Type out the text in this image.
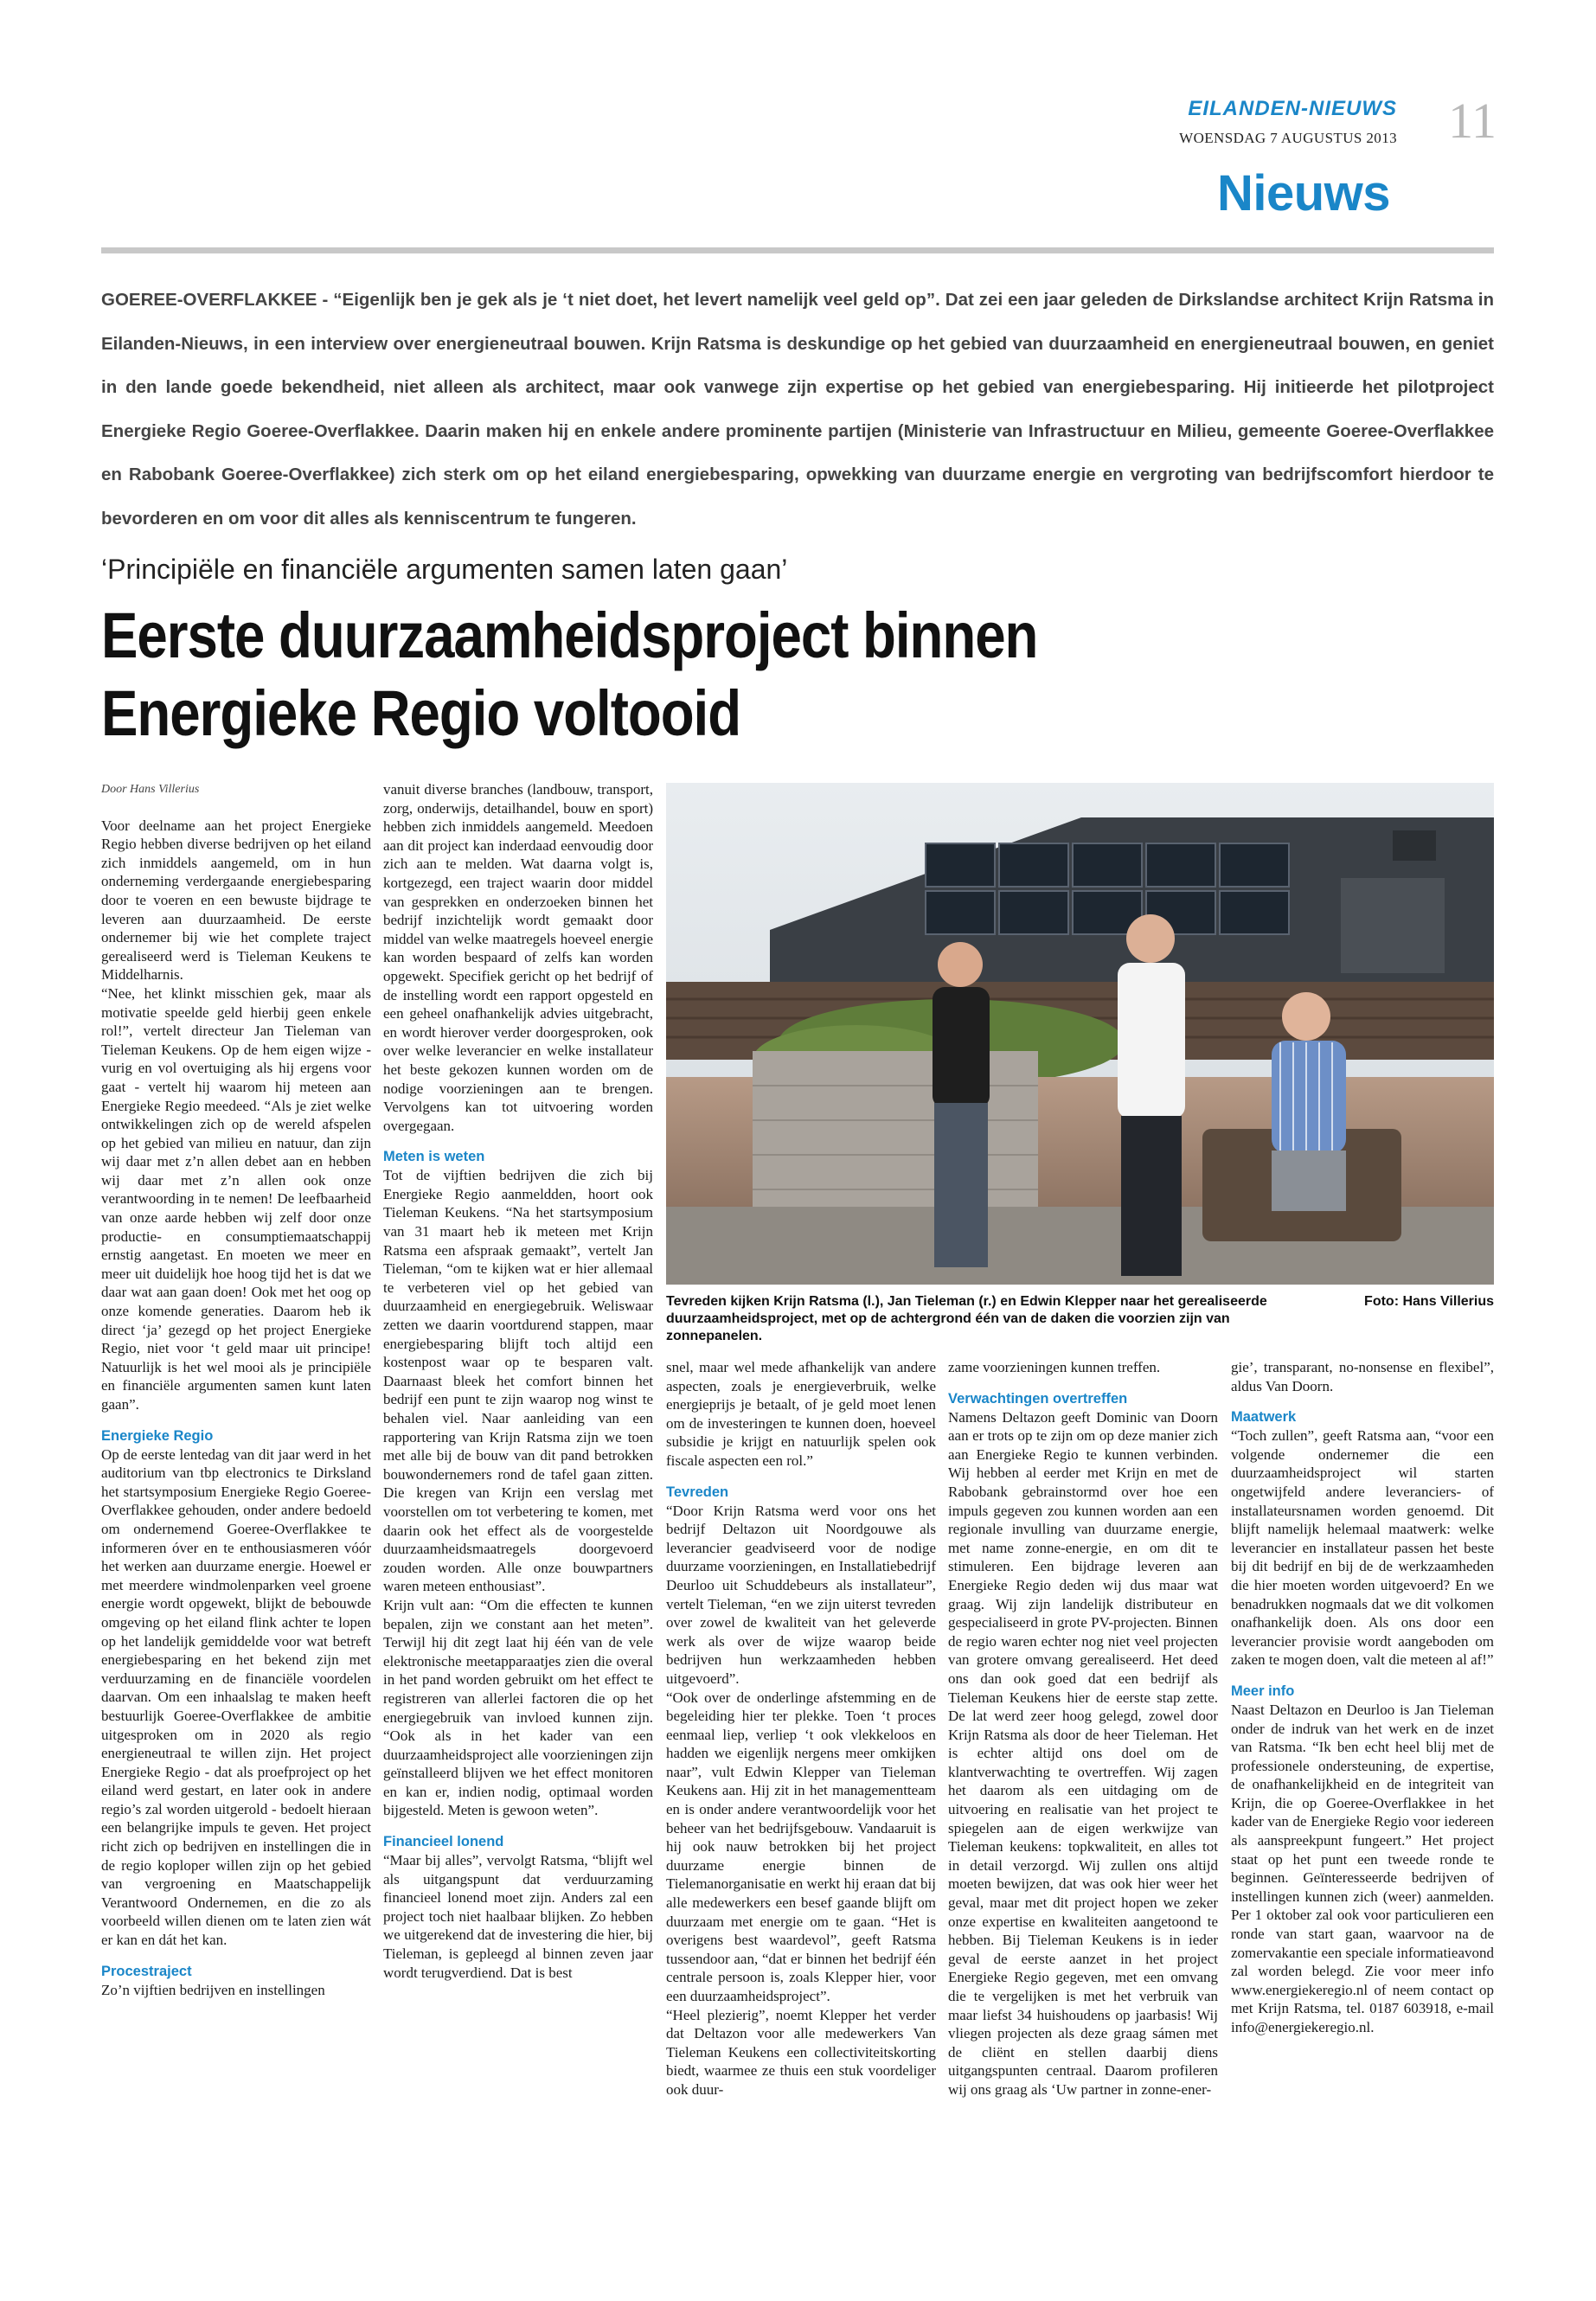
EILANDEN-NIEUWS
WOENSDAG 7 AUGUSTUS 2013 11
Nieuws
GOEREE-OVERFLAKKEE - “Eigenlijk ben je gek als je ‘t niet doet, het levert namelijk veel geld op”. Dat zei een jaar geleden de Dirkslandse architect Krijn Ratsma in Eilanden-Nieuws, in een interview over energieneutraal bouwen. Krijn Ratsma is deskundige op het gebied van duurzaamheid en energieneutraal bouwen, en geniet in den lande goede bekendheid, niet alleen als architect, maar ook vanwege zijn expertise op het gebied van energiebesparing. Hij initieerde het pilotproject Energieke Regio Goeree-Overflakkee. Daarin maken hij en enkele andere prominente partijen (Ministerie van Infrastructuur en Milieu, gemeente Goeree-Overflakkee en Rabobank Goeree-Overflakkee) zich sterk om op het eiland energiebesparing, opwekking van duurzame energie en vergroting van bedrijfscomfort hierdoor te bevorderen en om voor dit alles als kenniscentrum te fungeren.
‘Principiële en financiële argumenten samen laten gaan’
Eerste duurzaamheidsproject binnen
Energieke Regio voltooid

Door Hans Villerius

Voor deelname aan het project Energieke Regio hebben diverse bedrijven op het eiland zich inmiddels aangemeld, om in hun onderneming verdergaande energiebesparing door te voeren en een bewuste bijdrage te leveren aan duurzaamheid. De eerste ondernemer bij wie het complete traject gerealiseerd werd is Tieleman Keukens te Middelharnis.

“Nee, het klinkt misschien gek, maar als motivatie speelde geld hierbij geen enkele rol!”, vertelt directeur Jan Tieleman van Tieleman Keukens. Op de hem eigen wijze - vurig en vol overtuiging als hij ergens voor gaat - vertelt hij waarom hij meteen aan Energieke Regio meedeed. “Als je ziet welke ontwikkelingen zich op de wereld afspelen op het gebied van milieu en natuur, dan zijn wij daar met z’n allen debet aan en hebben wij daar met z’n allen ook onze verantwoording in te nemen! De leefbaarheid van onze aarde hebben wij zelf door onze productie- en consumptiemaatschappij ernstig aangetast. En moeten we meer en meer uit duidelijk hoe hoog tijd het is dat we daar wat aan gaan doen! Ook met het oog op onze komende generaties. Daarom heb ik direct ‘ja’ gezegd op het project Energieke Regio, niet voor ‘t geld maar uit principe! Natuurlijk is het wel mooi als je principiële en financiële argumenten samen kunt laten gaan”.

Energieke Regio

Op de eerste lentedag van dit jaar werd in het auditorium van tbp electronics te Dirksland het startsymposium Energieke Regio Goeree-Overflakkee gehouden, onder andere bedoeld om ondernemend Goeree-Overflakkee te informeren óver en te enthousiasmeren vóór het werken aan duurzame energie. Hoewel er met meerdere windmolenparken veel groene energie wordt opgewekt, blijkt de bebouwde omgeving op het eiland flink achter te lopen op het landelijk gemiddelde voor wat betreft energiebesparing en het bekend zijn met verduurzaming en de financiële voordelen daarvan. Om een inhaalslag te maken heeft bestuurlijk Goeree-Overflakkee de ambitie uitgesproken om in 2020 als regio energieneutraal te willen zijn. Het project Energieke Regio - dat als proefproject op het eiland werd gestart, en later ook in andere regio’s zal worden uitgerold - bedoelt hieraan een belangrijke impuls te geven. Het project richt zich op bedrijven en instellingen die in de regio koploper willen zijn op het gebied van vergroening en Maatschappelijk Verantwoord Ondernemen, en die zo als voorbeeld willen dienen om te laten zien wát er kan en dát het kan.

Procestraject

Zo’n vijftien bedrijven en instellingen

vanuit diverse branches (landbouw, transport, zorg, onderwijs, detailhandel, bouw en sport) hebben zich inmiddels aangemeld. Meedoen aan dit project kan inderdaad eenvoudig door zich aan te melden. Wat daarna volgt is, kortgezegd, een traject waarin door middel van gesprekken en onderzoeken binnen het bedrijf inzichtelijk wordt gemaakt door middel van welke maatregels hoeveel energie kan worden bespaard of zelfs kan worden opgewekt. Specifiek gericht op het bedrijf of de instelling wordt een rapport opgesteld en een geheel onafhankelijk advies uitgebracht, en wordt hierover verder doorgesproken, ook over welke leverancier en welke installateur het beste gekozen kunnen worden om de nodige voorzieningen aan te brengen. Vervolgens kan tot uitvoering worden overgegaan.

Meten is weten

Tot de vijftien bedrijven die zich bij Energieke Regio aanmeldden, hoort ook Tieleman Keukens. “Na het startsymposium van 31 maart heb ik meteen met Krijn Ratsma een afspraak gemaakt”, vertelt Jan Tieleman, “om te kijken wat er hier allemaal te verbeteren viel op het gebied van duurzaamheid en energiegebruik. Weliswaar zetten we daarin voortdurend stappen, maar energiebesparing blijft toch altijd een kostenpost waar op te besparen valt. Daarnaast bleek het comfort binnen het bedrijf een punt te zijn waarop nog winst te behalen viel. Naar aanleiding van een rapportering van Krijn Ratsma zijn we toen met alle bij de bouw van dit pand betrokken bouwondernemers rond de tafel gaan zitten. Die kregen van Krijn een verslag met voorstellen om tot verbetering te komen, met daarin ook het effect als de voorgestelde duurzaamheidsmaatregels doorgevoerd zouden worden. Alle onze bouwpartners waren meteen enthousiast”.

Krijn vult aan: “Om die effecten te kunnen bepalen, zijn we constant aan het meten”. Terwijl hij dit zegt laat hij één van de vele elektronische meetapparaatjes zien die overal in het pand worden gebruikt om het effect te registreren van allerlei factoren die op het energiegebruik van invloed kunnen zijn. “Ook als in het kader van een duurzaamheidsproject alle voorzieningen zijn geïnstalleerd blijven we het effect monitoren en kan er, indien nodig, optimaal worden bijgesteld. Meten is gewoon weten”.

Financieel lonend

“Maar bij alles”, vervolgt Ratsma, “blijft wel als uitgangspunt dat verduurzaming financieel lonend moet zijn. Anders zal een project toch niet haalbaar blijken. Zo hebben we uitgerekend dat de investering die hier, bij Tieleman, is gepleegd al binnen zeven jaar wordt terugverdiend. Dat is best

Tevreden kijken Krijn Ratsma (l.), Jan Tieleman (r.) en Edwin Klepper naar het gerealiseerde duurzaamheidsproject, met op de achtergrond één van de daken die voorzien zijn van zonnepanelen.
Foto: Hans Villerius

snel, maar wel mede afhankelijk van andere aspecten, zoals je energieverbruik, welke energieprijs je betaalt, of je geld moet lenen om de investeringen te kunnen doen, hoeveel subsidie je krijgt en natuurlijk spelen ook fiscale aspecten een rol.”

Tevreden

“Door Krijn Ratsma werd voor ons het bedrijf Deltazon uit Noordgouwe als leverancier geadviseerd voor de nodige duurzame voorzieningen, en Installatiebedrijf Deurloo uit Schuddebeurs als installateur”, vertelt Tieleman, “en we zijn uiterst tevreden over zowel de kwaliteit van het geleverde werk als over de wijze waarop beide bedrijven hun werkzaamheden hebben uitgevoerd”.

“Ook over de onderlinge afstemming en de begeleiding hier ter plekke. Toen ‘t proces eenmaal liep, verliep ‘t ook vlekkeloos en hadden we eigenlijk nergens meer omkijken naar”, vult Edwin Klepper van Tieleman Keukens aan. Hij zit in het managementteam en is onder andere verantwoordelijk voor het beheer van het bedrijfsgebouw. Vandaaruit is hij ook nauw betrokken bij het project duurzame energie binnen de Tielemanorganisatie en werkt hij eraan dat bij alle medewerkers een besef gaande blijft om duurzaam met energie om te gaan. “Het is overigens best waardevol”, geeft Ratsma tussendoor aan, “dat er binnen het bedrijf één centrale persoon is, zoals Klepper hier, voor een duurzaamheidsproject”.

“Heel plezierig”, noemt Klepper het verder dat Deltazon voor alle medewerkers Van Tieleman Keukens een collectiviteitskorting biedt, waarmee ze thuis een stuk voordeliger ook duur-

zame voorzieningen kunnen treffen.

Verwachtingen overtreffen

Namens Deltazon geeft Dominic van Doorn aan er trots op te zijn om op deze manier zich aan Energieke Regio te kunnen verbinden. Wij hebben al eerder met Krijn en met de Rabobank gebrainstormd over hoe een impuls gegeven zou kunnen worden aan een regionale invulling van duurzame energie, met name zonne-energie, en om dit te stimuleren. Een bijdrage leveren aan Energieke Regio deden wij dus maar wat graag. Wij zijn landelijk distributeur en gespecialiseerd in grote PV-projecten. Binnen de regio waren echter nog niet veel projecten van grotere omvang gerealiseerd. Het deed ons dan ook goed dat een bedrijf als Tieleman Keukens hier de eerste stap zette. De lat werd zeer hoog gelegd, zowel door Krijn Ratsma als door de heer Tieleman. Het is echter altijd ons doel om de klantverwachting te overtreffen. Wij zagen het daarom als een uitdaging om de uitvoering en realisatie van het project te spiegelen aan de eigen werkwijze van Tieleman keukens: topkwaliteit, en alles tot in detail verzorgd. Wij zullen ons altijd moeten bewijzen, dat was ook hier weer het geval, maar met dit project hopen we zeker onze expertise en kwaliteiten aangetoond te hebben. Bij Tieleman Keukens is in ieder geval de eerste aanzet in het project Energieke Regio gegeven, met een omvang die te vergelijken is met het verbruik van maar liefst 34 huishoudens op jaarbasis! Wij vliegen projecten als deze graag sámen met de cliënt en stellen daarbij diens uitgangspunten centraal. Daarom profileren wij ons graag als ‘Uw partner in zonne-ener-

gie’, transparant, no-nonsense en flexibel”, aldus Van Doorn.

Maatwerk

“Toch zullen”, geeft Ratsma aan, “voor een volgende ondernemer die een duurzaamheidsproject wil starten ongetwijfeld andere leveranciers- of installateursnamen worden genoemd. Dit blijft namelijk helemaal maatwerk: welke leverancier en installateur passen het beste bij dit bedrijf en bij de de werkzaamheden die hier moeten worden uitgevoerd? En we benadrukken nogmaals dat we dit volkomen onafhankelijk doen. Als ons door een leverancier provisie wordt aangeboden om zaken te mogen doen, valt die meteen al af!”

Meer info

Naast Deltazon en Deurloo is Jan Tieleman onder de indruk van het werk en de inzet van Ratsma. “Ik ben echt heel blij met de professionele ondersteuning, de expertise, de onafhankelijkheid en de integriteit van Krijn, die op Goeree-Overflakkee in het kader van de Energieke Regio voor iedereen als aanspreekpunt fungeert.” Het project staat op het punt een tweede ronde te beginnen. Geïnteresseerde bedrijven of instellingen kunnen zich (weer) aanmelden. Per 1 oktober zal ook voor particulieren een ronde van start gaan, waarvoor na de zomervakantie een speciale informatieavond zal worden belegd. Zie voor meer info www.energiekeregio.nl of neem contact op met Krijn Ratsma, tel. 0187 603918, e-mail info@energiekeregio.nl.
